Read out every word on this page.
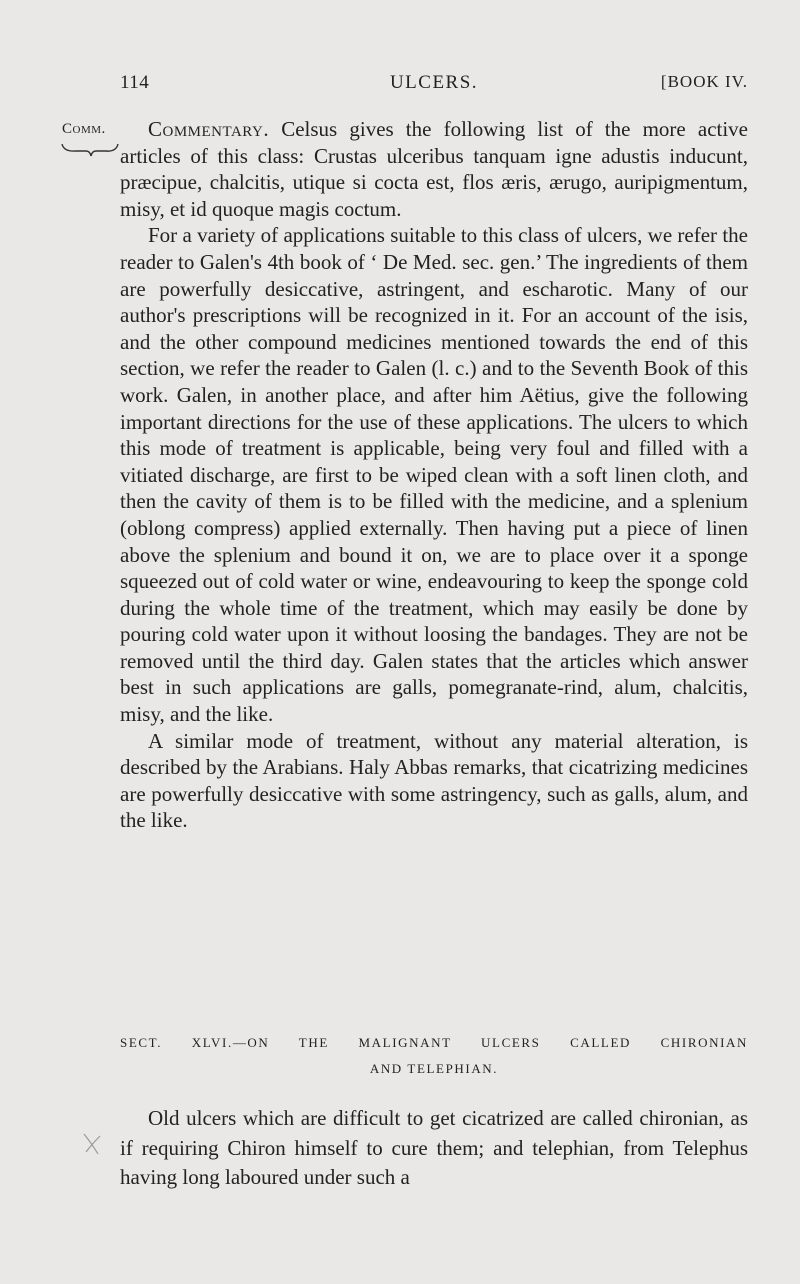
114	ULCERS.	[BOOK IV.
Comm.	Commentary. Celsus gives the following list of the more active articles of this class: Crustas ulceribus tanquam igne adustis inducunt, præcipue, chalcitis, utique si cocta est, flos æris, ærugo, auripigmentum, misy, et id quoque magis coctum.

For a variety of applications suitable to this class of ulcers, we refer the reader to Galen's 4th book of ‘ De Med. sec. gen.’ The ingredients of them are powerfully desiccative, astringent, and escharotic. Many of our author's prescriptions will be recognized in it. For an account of the isis, and the other compound medicines mentioned towards the end of this section, we refer the reader to Galen (l. c.) and to the Seventh Book of this work. Galen, in another place, and after him Aëtius, give the following important directions for the use of these applications. The ulcers to which this mode of treatment is applicable, being very foul and filled with a vitiated discharge, are first to be wiped clean with a soft linen cloth, and then the cavity of them is to be filled with the medicine, and a splenium (oblong compress) applied externally. Then having put a piece of linen above the splenium and bound it on, we are to place over it a sponge squeezed out of cold water or wine, endeavouring to keep the sponge cold during the whole time of the treatment, which may easily be done by pouring cold water upon it without loosing the bandages. They are not be removed until the third day. Galen states that the articles which answer best in such applications are galls, pomegranate-rind, alum, chalcitis, misy, and the like.

A similar mode of treatment, without any material alteration, is described by the Arabians. Haly Abbas remarks, that cicatrizing medicines are powerfully desiccative with some astringency, such as galls, alum, and the like.

SECT. XLVI.—ON THE MALIGNANT ULCERS CALLED CHIRONIAN
AND TELEPHIAN.

Old ulcers which are difficult to get cicatrized are called chironian, as if requiring Chiron himself to cure them; and telephian, from Telephus having long laboured under such a
